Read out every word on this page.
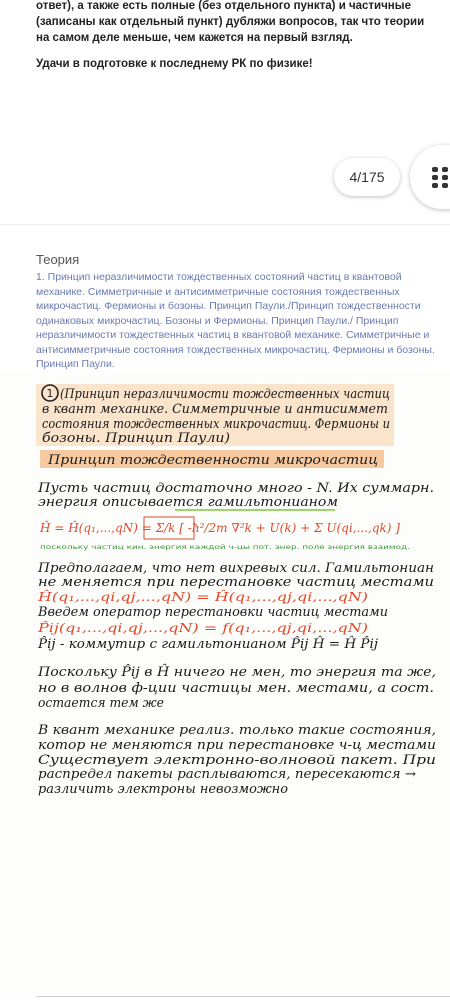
ответ), а также есть полные (без отдельного пункта) и частичные (записаны как отдельный пункт) дубляжи вопросов, так что теории на самом деле меньше, чем кажется на первый взгляд.

Удачи в подготовке к последнему РК по физике!

4/175
Теория
1. Принцип неразличимости тождественных состояний частиц в квантовой механике. Симметричные и антисимметричные состояния тождественных микрочастиц. Фермионы и бозоны. Принцип Паули./Принцип тождественности одинаковых микрочастиц. Бозоны и Фермионы. Принцип Паули./ Принцип неразличимости тождественных частиц в квантовой механике. Симметричные и антисимметричные состояния тождественных микрочастиц. Фермионы и бозоны. Принцип Паули.
1 (Принцип неразличимости тождественных частиц
в квант механике. Симметричные и антисиммет
состояния тождественных микрочастиц. Фермионы и
бозоны. Принцип Паули)
Принцип тождественности микрочастиц
Пусть частиц достаточно много - N. Их суммарн.
энергия описывается гамильтонианом
Ĥ = Ĥ(q₁,...,qN) = Σ/k [ -ħ²/2m ∇²k + U(k) + Σ U(qi,...,qk) ]
поскольку частиц кин. энергия каждой ч-цы пот. энер. поле энергия взаимод.
Предполагаем, что нет вихревых сил. Гамильтониан
не меняется при перестановке частиц местами
Ĥ(q₁,...,qi,qj,...,qN) = Ĥ(q₁,...,qj,qi,...,qN)
Введем оператор перестановки частиц местами
P̂ij(q₁,...,qi,qj,...,qN) = f(q₁,...,qj,qi,...,qN)
P̂ij - коммутир с гамильтонианом P̂ij Ĥ = Ĥ P̂ij
Поскольку P̂ij в Ĥ ничего не мен, то энергия та же,
но в волнов ф-ции частицы мен. местами, а сост.
остается тем же
В квант механике реализ. только такие состояния,
котор не меняются при перестановке ч-ц местами
Существует электронно-волновой пакет. При
распредел пакеты расплываются, пересекаются →
различить электроны невозможно
